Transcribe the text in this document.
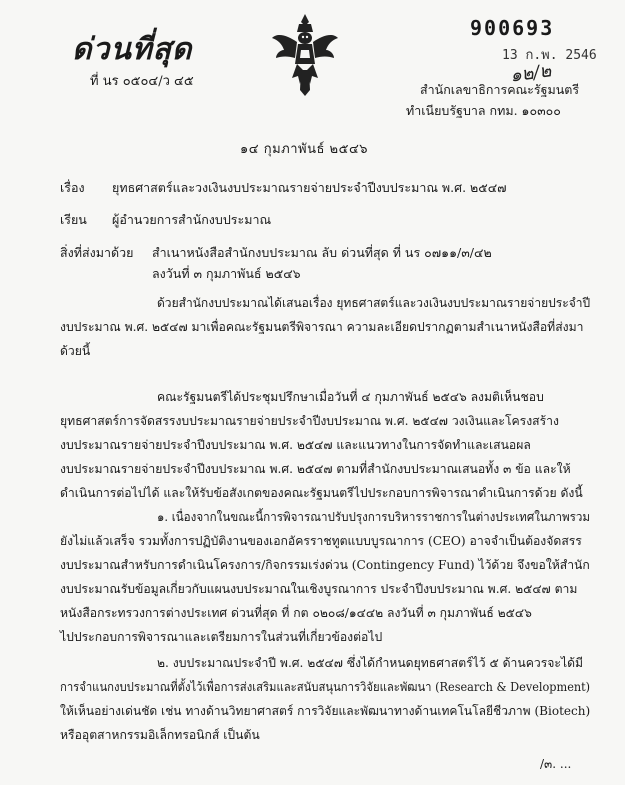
ด่วนที่สุด
ที่ นร ๐๕๐๔/ว ๔๕
900693
13 ก.พ. 2546
๑๒/๒
สำนักเลขาธิการคณะรัฐมนตรี
ทำเนียบรัฐบาล กทม. ๑๐๓๐๐
๑๔ กุมภาพันธ์ ๒๕๔๖
เรื่อง ยุทธศาสตร์และวงเงินงบประมาณรายจ่ายประจำปีงบประมาณ พ.ศ. ๒๕๔๗
เรียน ผู้อำนวยการสำนักงบประมาณ
สิ่งที่ส่งมาด้วย สำเนาหนังสือสำนักงบประมาณ ลับ ด่วนที่สุด ที่ นร ๐๗๑๑/๓/๔๒
ลงวันที่ ๓ กุมภาพันธ์ ๒๕๔๖
ด้วยสำนักงบประมาณได้เสนอเรื่อง ยุทธศาสตร์และวงเงินงบประมาณรายจ่ายประจำปี
งบประมาณ พ.ศ. ๒๕๔๗ มาเพื่อคณะรัฐมนตรีพิจารณา ความละเอียดปรากฏตามสำเนาหนังสือที่ส่งมา
ด้วยนี้
คณะรัฐมนตรีได้ประชุมปรึกษาเมื่อวันที่ ๔ กุมภาพันธ์ ๒๕๔๖ ลงมติเห็นชอบ
ยุทธศาสตร์การจัดสรรงบประมาณรายจ่ายประจำปีงบประมาณ พ.ศ. ๒๕๔๗ วงเงินและโครงสร้าง
งบประมาณรายจ่ายประจำปีงบประมาณ พ.ศ. ๒๕๔๗ และแนวทางในการจัดทำและเสนอผล
งบประมาณรายจ่ายประจำปีงบประมาณ พ.ศ. ๒๕๔๗ ตามที่สำนักงบประมาณเสนอทั้ง ๓ ข้อ และให้
ดำเนินการต่อไปได้ และให้รับข้อสังเกตของคณะรัฐมนตรีไปประกอบการพิจารณาดำเนินการด้วย ดังนี้
๑. เนื่องจากในขณะนี้การพิจารณาปรับปรุงการบริหารราชการในต่างประเทศในภาพรวม
ยังไม่แล้วเสร็จ รวมทั้งการปฏิบัติงานของเอกอัครราชทูตแบบบูรณาการ (CEO) อาจจำเป็นต้องจัดสรร
งบประมาณสำหรับการดำเนินโครงการ/กิจกรรมเร่งด่วน (Contingency Fund) ไว้ด้วย จึงขอให้สำนัก
งบประมาณรับข้อมูลเกี่ยวกับแผนงบประมาณในเชิงบูรณาการ ประจำปีงบประมาณ พ.ศ. ๒๕๔๗ ตาม
หนังสือกระทรวงการต่างประเทศ ด่วนที่สุด ที่ กต ๐๒๐๘/๑๔๔๒ ลงวันที่ ๓ กุมภาพันธ์ ๒๕๔๖
ไปประกอบการพิจารณาและเตรียมการในส่วนที่เกี่ยวข้องต่อไป
๒. งบประมาณประจำปี พ.ศ. ๒๕๔๗ ซึ่งได้กำหนดยุทธศาสตร์ไว้ ๕ ด้านควรจะได้มี
การจำแนกงบประมาณที่ตั้งไว้เพื่อการส่งเสริมและสนับสนุนการวิจัยและพัฒนา (Research & Development)
ให้เห็นอย่างเด่นชัด เช่น ทางด้านวิทยาศาสตร์ การวิจัยและพัฒนาทางด้านเทคโนโลยีชีวภาพ (Biotech)
หรืออุตสาหกรรมอิเล็กทรอนิกส์ เป็นต้น
/๓. ...
